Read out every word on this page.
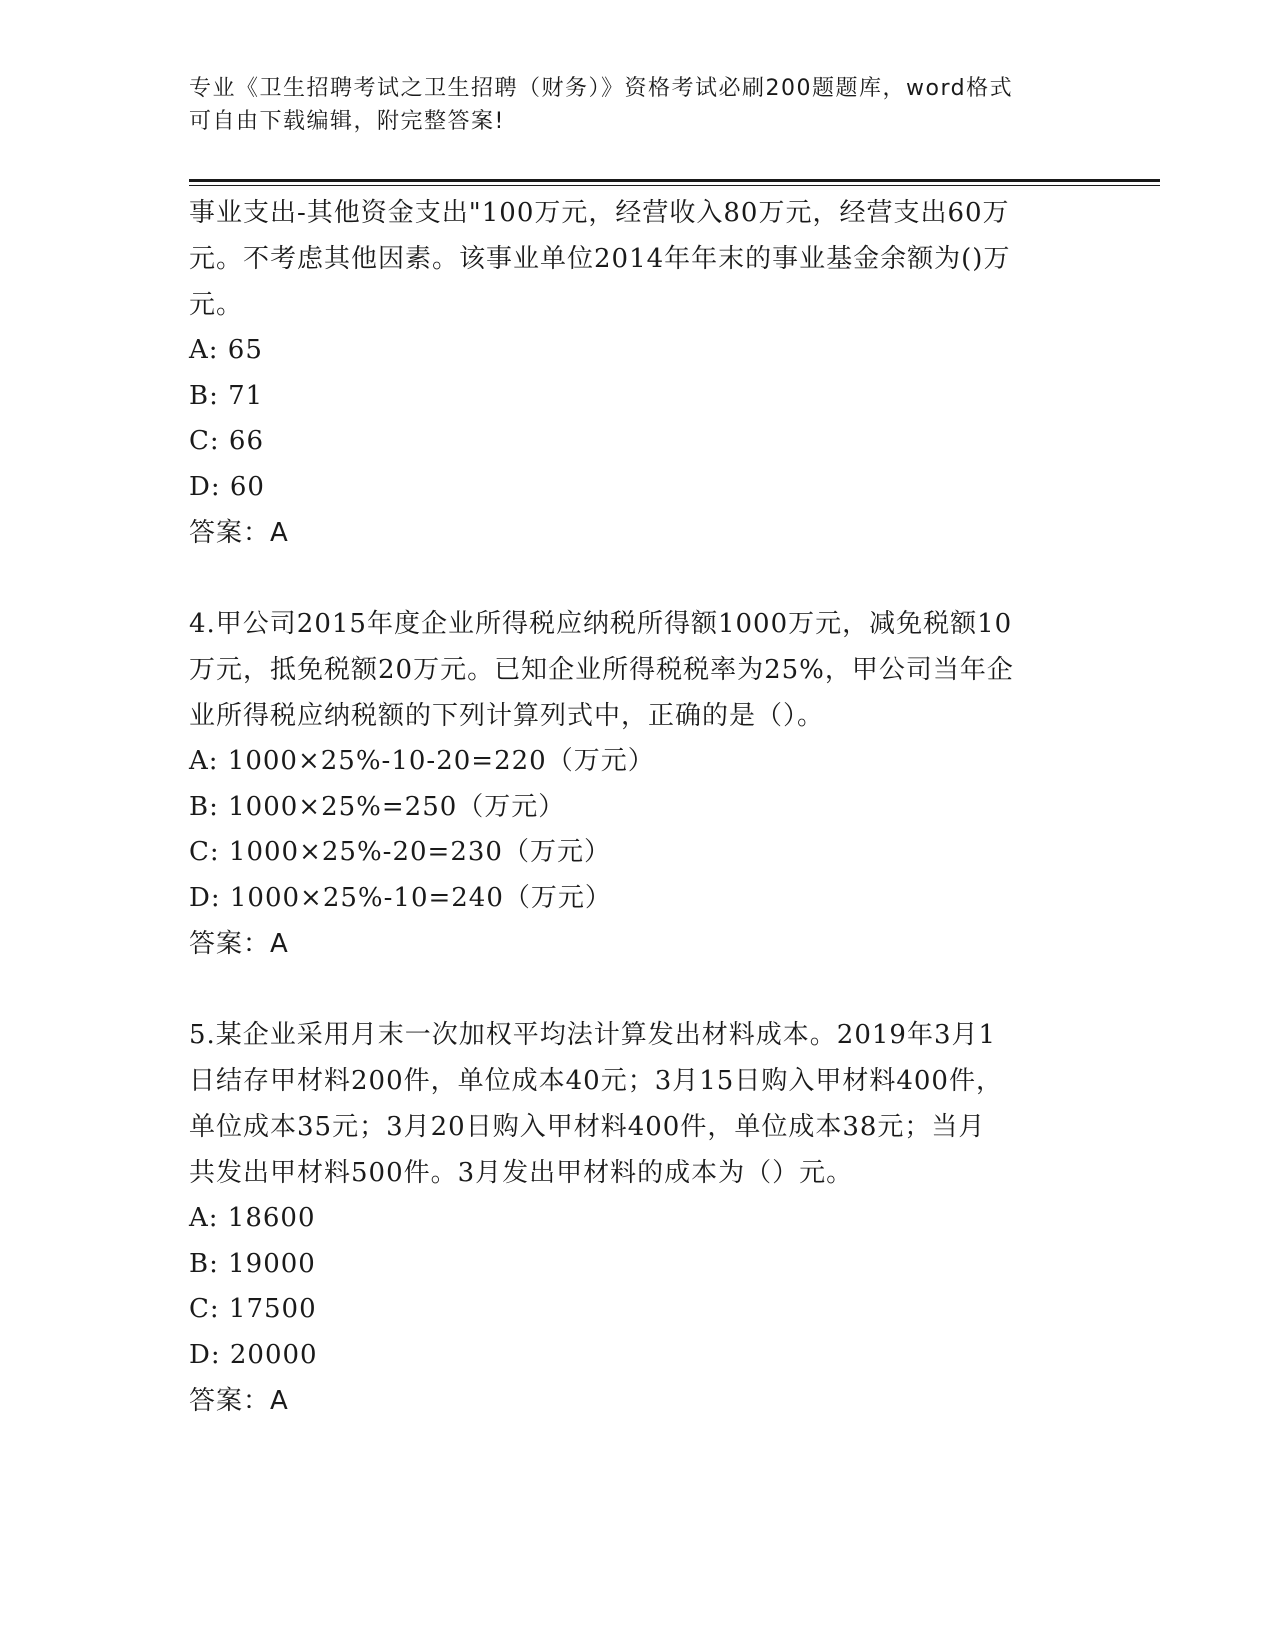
专业《卫生招聘考试之卫生招聘（财务）》资格考试必刷200题题库，word格式
可自由下载编辑，附完整答案!
事业支出-其他资金支出"100万元，经营收入80万元，经营支出60万
元。不考虑其他因素。该事业单位2014年年末的事业基金余额为()万
元。
A: 65
B: 71
C: 66
D: 60
答案：A
4.甲公司2015年度企业所得税应纳税所得额1000万元，减免税额10
万元，抵免税额20万元。已知企业所得税税率为25%，甲公司当年企
业所得税应纳税额的下列计算列式中，正确的是（）。
A: 1000×25%-10-20=220（万元）
B: 1000×25%=250（万元）
C: 1000×25%-20=230（万元）
D: 1000×25%-10=240（万元）
答案：A
5.某企业采用月末一次加权平均法计算发出材料成本。2019年3月1
日结存甲材料200件，单位成本40元；3月15日购入甲材料400件，
单位成本35元；3月20日购入甲材料400件，单位成本38元；当月
共发出甲材料500件。3月发出甲材料的成本为（）元。
A: 18600
B: 19000
C: 17500
D: 20000
答案：A
